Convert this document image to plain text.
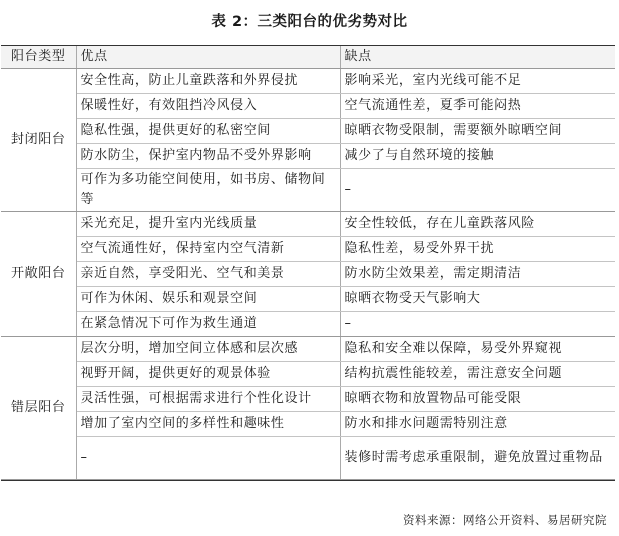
表 2：三类阳台的优劣势对比
阳台类型	优点	缺点
封闭阳台	安全性高，防止儿童跌落和外界侵扰	影响采光，室内光线可能不足
	保暖性好，有效阻挡冷风侵入	空气流通性差，夏季可能闷热
	隐私性强，提供更好的私密空间	晾晒衣物受限制，需要额外晾晒空间
	防水防尘，保护室内物品不受外界影响	减少了与自然环境的接触
	可作为多功能空间使用，如书房、储物间等	–
开敞阳台	采光充足，提升室内光线质量	安全性较低，存在儿童跌落风险
	空气流通性好，保持室内空气清新	隐私性差，易受外界干扰
	亲近自然，享受阳光、空气和美景	防水防尘效果差，需定期清洁
	可作为休闲、娱乐和观景空间	晾晒衣物受天气影响大
	在紧急情况下可作为救生通道	–
错层阳台	层次分明，增加空间立体感和层次感	隐私和安全难以保障，易受外界窥视
	视野开阔，提供更好的观景体验	结构抗震性能较差，需注意安全问题
	灵活性强，可根据需求进行个性化设计	晾晒衣物和放置物品可能受限
	增加了室内空间的多样性和趣味性	防水和排水问题需特别注意
	–	装修时需考虑承重限制，避免放置过重物品
资料来源：网络公开资料、易居研究院
